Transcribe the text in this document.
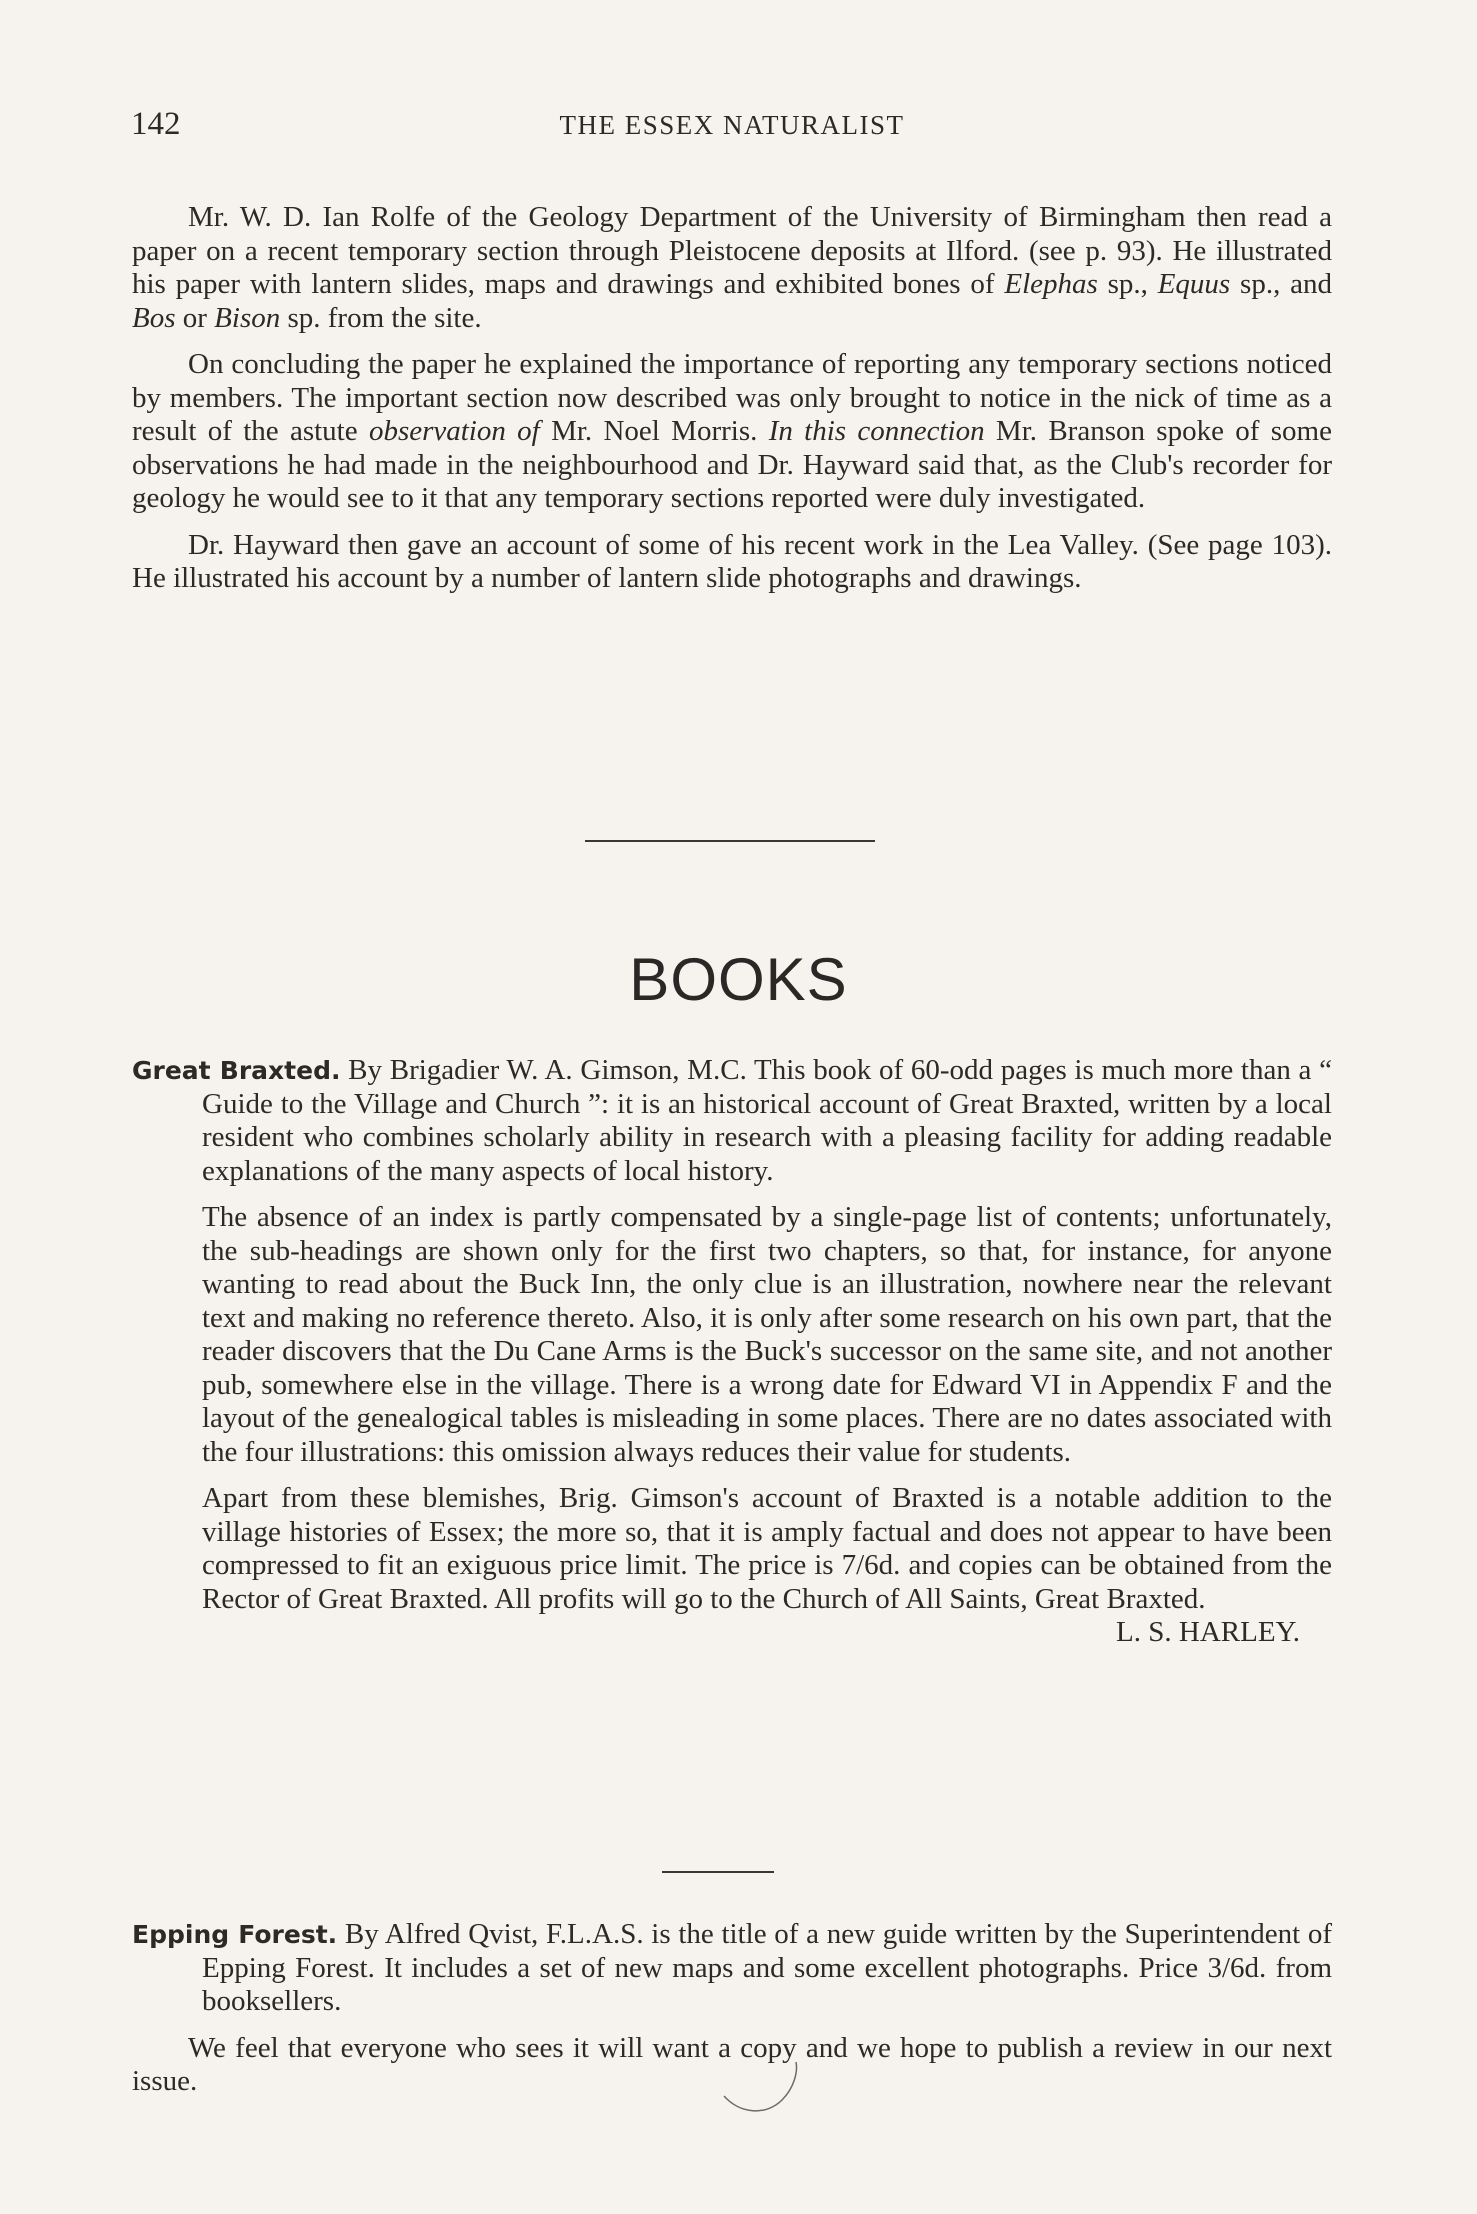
142	THE ESSEX NATURALIST

Mr. W. D. Ian Rolfe of the Geology Department of the University of Birmingham then read a paper on a recent temporary section through Pleistocene deposits at Ilford. (see p. 93). He illustrated his paper with lantern slides, maps and drawings and exhibited bones of Elephas sp., Equus sp., and Bos or Bison sp. from the site.

On concluding the paper he explained the importance of reporting any temporary sections noticed by members. The important section now described was only brought to notice in the nick of time as a result of the astute observation of Mr. Noel Morris. In this connection Mr. Branson spoke of some observations he had made in the neighbourhood and Dr. Hayward said that, as the Club's recorder for geology he would see to it that any temporary sections reported were duly investigated.

Dr. Hayward then gave an account of some of his recent work in the Lea Valley. (See page 103). He illustrated his account by a number of lantern slide photographs and drawings.

BOOKS

Great Braxted. By Brigadier W. A. Gimson, M.C. This book of 60-odd pages is much more than a “ Guide to the Village and Church ”: it is an historical account of Great Braxted, written by a local resident who combines scholarly ability in research with a pleasing facility for adding readable explanations of the many aspects of local history.

The absence of an index is partly compensated by a single-page list of contents; unfortunately, the sub-headings are shown only for the first two chapters, so that, for instance, for anyone wanting to read about the Buck Inn, the only clue is an illustration, nowhere near the relevant text and making no reference thereto. Also, it is only after some research on his own part, that the reader discovers that the Du Cane Arms is the Buck's successor on the same site, and not another pub, somewhere else in the village. There is a wrong date for Edward VI in Appendix F and the layout of the genealogical tables is misleading in some places. There are no dates associated with the four illustrations: this omission always reduces their value for students.

Apart from these blemishes, Brig. Gimson's account of Braxted is a notable addition to the village histories of Essex; the more so, that it is amply factual and does not appear to have been compressed to fit an exiguous price limit. The price is 7/6d. and copies can be obtained from the Rector of Great Braxted. All profits will go to the Church of All Saints, Great Braxted.

L. S. HARLEY.

Epping Forest. By Alfred Qvist, F.L.A.S. is the title of a new guide written by the Superintendent of Epping Forest. It includes a set of new maps and some excellent photographs. Price 3/6d. from booksellers.

We feel that everyone who sees it will want a copy and we hope to publish a review in our next issue.
